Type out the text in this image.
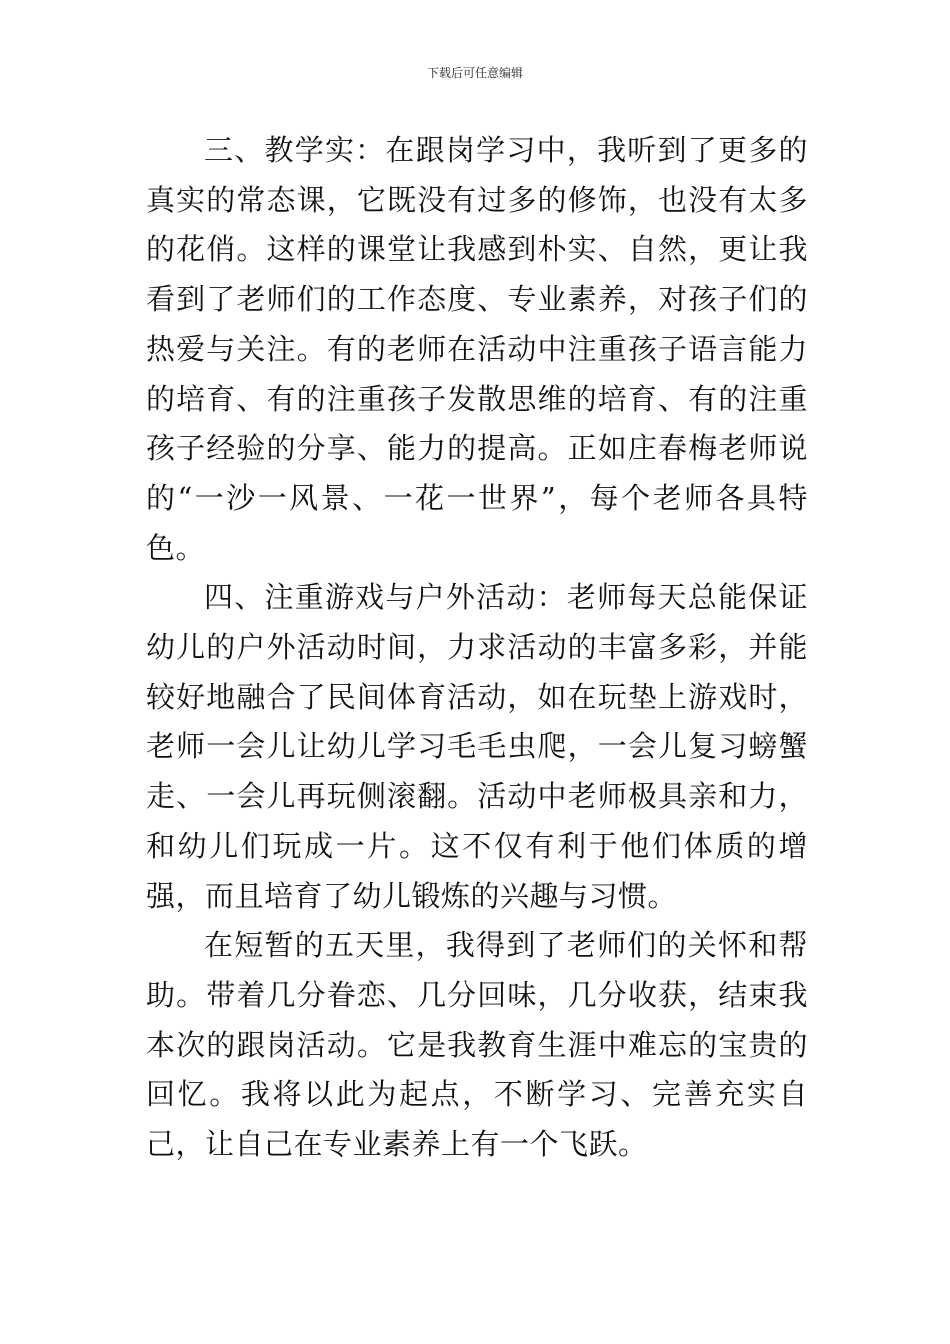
下载后可任意编辑

三、教学实：在跟岗学习中，我听到了更多的真实的常态课，它既没有过多的修饰，也没有太多的花俏。这样的课堂让我感到朴实、自然，更让我看到了老师们的工作态度、专业素养，对孩子们的热爱与关注。有的老师在活动中注重孩子语言能力的培育、有的注重孩子发散思维的培育、有的注重孩子经验的分享、能力的提高。正如庄春梅老师说的“一沙一风景、一花一世界”，每个老师各具特色。

四、注重游戏与户外活动：老师每天总能保证幼儿的户外活动时间，力求活动的丰富多彩，并能较好地融合了民间体育活动，如在玩垫上游戏时，老师一会儿让幼儿学习毛毛虫爬，一会儿复习螃蟹走、一会儿再玩侧滚翻。活动中老师极具亲和力，和幼儿们玩成一片。这不仅有利于他们体质的增强，而且培育了幼儿锻炼的兴趣与习惯。

在短暂的五天里，我得到了老师们的关怀和帮助。带着几分眷恋、几分回味，几分收获，结束我本次的跟岗活动。它是我教育生涯中难忘的宝贵的回忆。我将以此为起点，不断学习、完善充实自己，让自己在专业素养上有一个飞跃。
